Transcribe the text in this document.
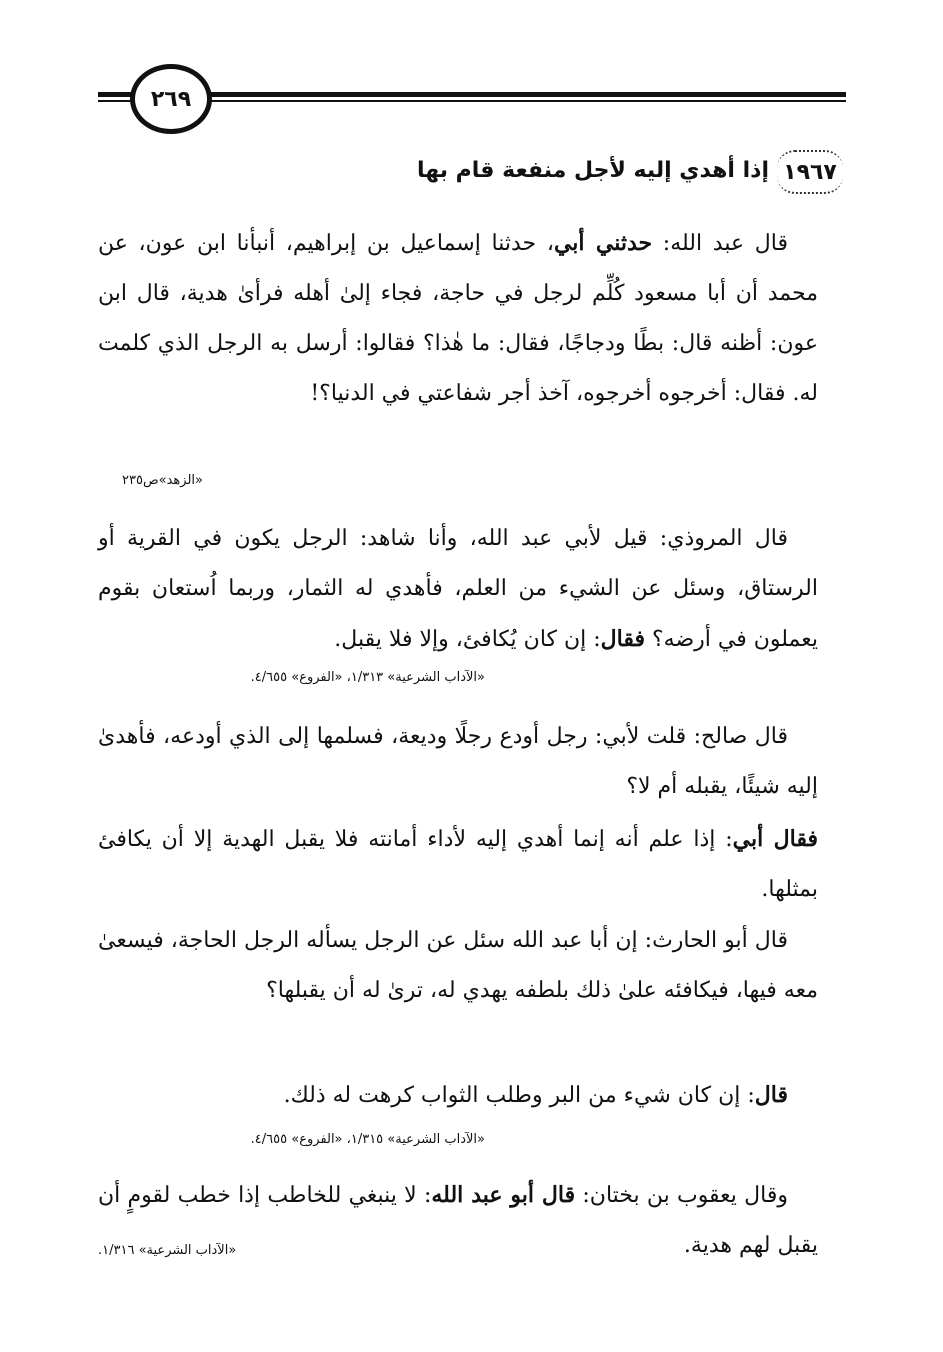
٢٦٩
١٩٦٧
إذا أهدي إليه لأجل منفعة قام بها
قال عبد الله: حدثني أبي، حدثنا إسماعيل بن إبراهيم، أنبأنا ابن عون، عن محمد أن أبا مسعود كُلِّم لرجل في حاجة، فجاء إلىٰ أهله فرأىٰ هدية، قال ابن عون: أظنه قال: بطًا ودجاجًا، فقال: ما هٰذا؟ فقالوا: أرسل به الرجل الذي كلمت له. فقال: أخرجوه أخرجوه، آخذ أجر شفاعتي في الدنيا؟!
«الزهد»ص٢٣٥
قال المروذي: قيل لأبي عبد الله، وأنا شاهد: الرجل يكون في القرية أو الرستاق، وسئل عن الشيء من العلم، فأهدي له الثمار، وربما اُستعان بقوم يعملون في أرضه؟ فقال: إن كان يُكافئ، وإلا فلا يقبل.
«الآداب الشرعية» ١/٣١٣، «الفروع» ٤/٦٥٥.
قال صالح: قلت لأبي: رجل أودع رجلًا وديعة، فسلمها إلى الذي أودعه، فأهدىٰ إليه شيئًا، يقبله أم لا؟
فقال أبي: إذا علم أنه إنما أهدي إليه لأداء أمانته فلا يقبل الهدية إلا أن يكافئ بمثلها.
قال أبو الحارث: إن أبا عبد الله سئل عن الرجل يسأله الرجل الحاجة، فيسعىٰ معه فيها، فيكافئه علىٰ ذلك بلطفه يهدي له، ترىٰ له أن يقبلها؟
قال: إن كان شيء من البر وطلب الثواب كرهت له ذلك.
«الآداب الشرعية» ١/٣١٥، «الفروع» ٤/٦٥٥.
وقال يعقوب بن بختان: قال أبو عبد الله: لا ينبغي للخاطب إذا خطب لقومٍ أن يقبل لهم هدية.
«الآداب الشرعية» ١/٣١٦.
